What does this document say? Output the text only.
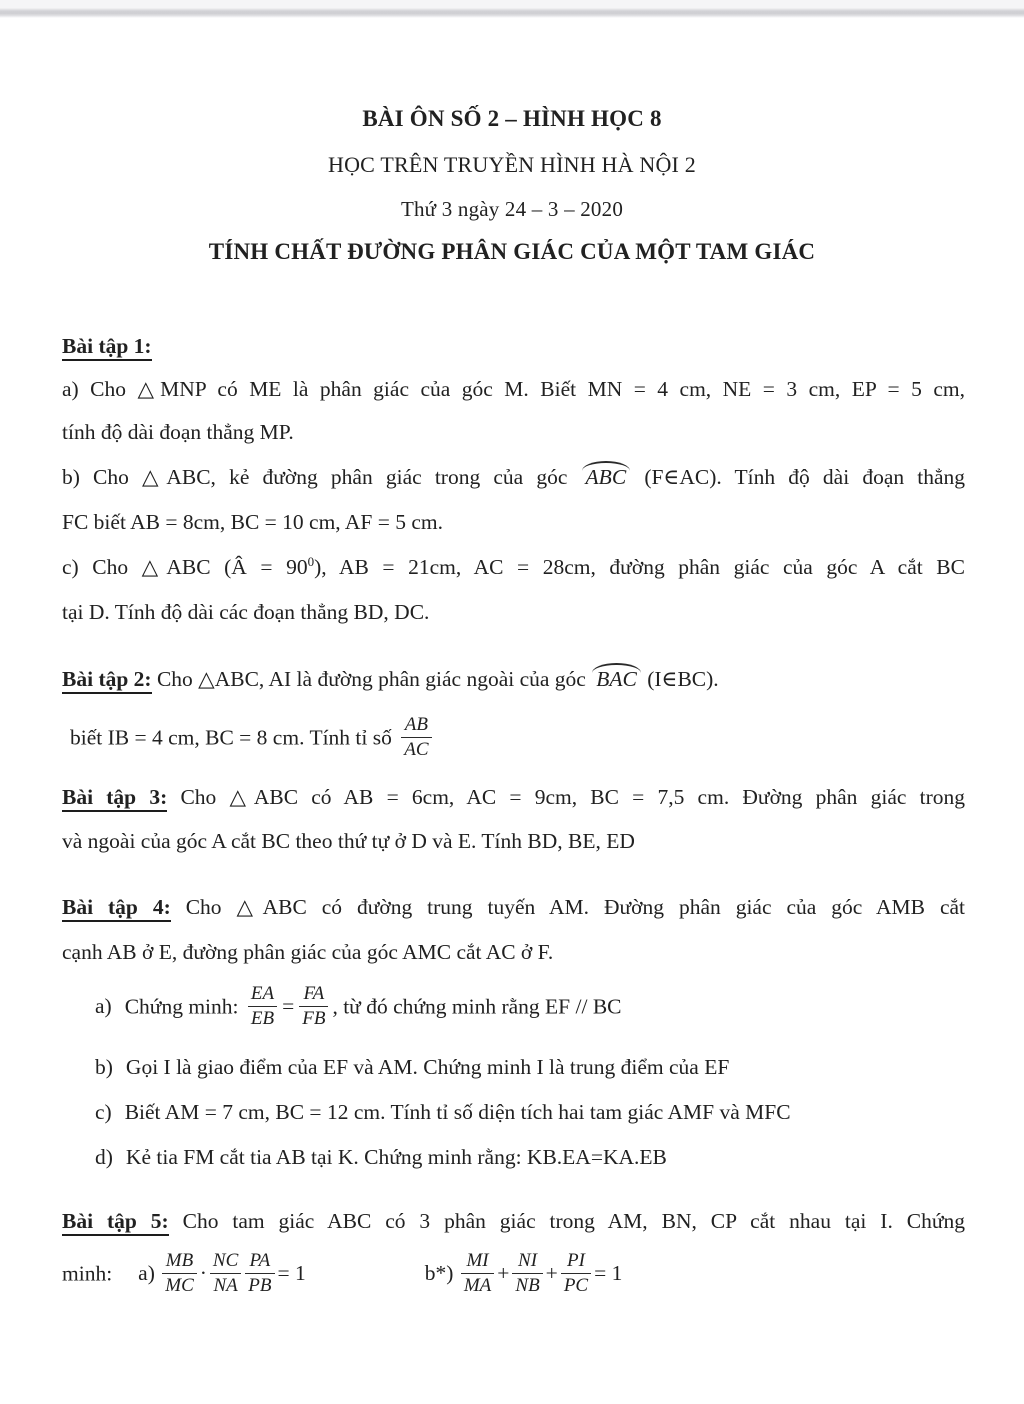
BÀI ÔN SỐ 2 – HÌNH HỌC 8
HỌC TRÊN TRUYỀN HÌNH HÀ NỘI 2
Thứ 3 ngày 24 – 3 – 2020
TÍNH CHẤT ĐƯỜNG PHÂN GIÁC CỦA MỘT TAM GIÁC
Bài tập 1:
a) Cho △MNP có ME là phân giác của góc M. Biết MN = 4 cm, NE = 3 cm, EP = 5 cm,
tính độ dài đoạn thẳng MP.
b) Cho △ABC, kẻ đường phân giác trong của góc ABC (F∈AC). Tính độ dài đoạn thẳng
FC biết AB = 8cm, BC = 10 cm, AF = 5 cm.
c) Cho △ABC (Â = $90^0$), AB = 21cm, AC = 28cm, đường phân giác của góc A cắt BC
tại D. Tính độ dài các đoạn thẳng BD, DC.
Bài tập 2: Cho △ABC, AI là đường phân giác ngoài của góc BAC (I∈BC).
biết IB = 4 cm, BC = 8 cm. Tính tỉ số $\frac{AB}{AC}$
Bài tập 3: Cho △ABC có AB = 6cm, AC = 9cm, BC = 7,5 cm. Đường phân giác trong
và ngoài của góc A cắt BC theo thứ tự ở D và E. Tính BD, BE, ED
Bài tập 4: Cho △ABC có đường trung tuyến AM. Đường phân giác của góc AMB cắt
cạnh AB ở E, đường phân giác của góc AMC cắt AC ở F.
a) Chứng minh: $\frac{EA}{EB} = \frac{FA}{FB}$ , từ đó chứng minh rằng EF // BC
b) Gọi I là giao điểm của EF và AM. Chứng minh I là trung điểm của EF
c) Biết AM = 7 cm, BC = 12 cm. Tính tỉ số diện tích hai tam giác AMF và MFC
d) Kẻ tia FM cắt tia AB tại K. Chứng minh rằng: KB.EA=KA.EB
Bài tập 5: Cho tam giác ABC có 3 phân giác trong AM, BN, CP cắt nhau tại I. Chứng
minh: $a) \frac{MB}{MC} \cdot \frac{NC}{NA} \frac{PA}{PB} = 1$	$b*) \frac{MI}{MA} + \frac{NI}{NB} + \frac{PI}{PC} = 1$
